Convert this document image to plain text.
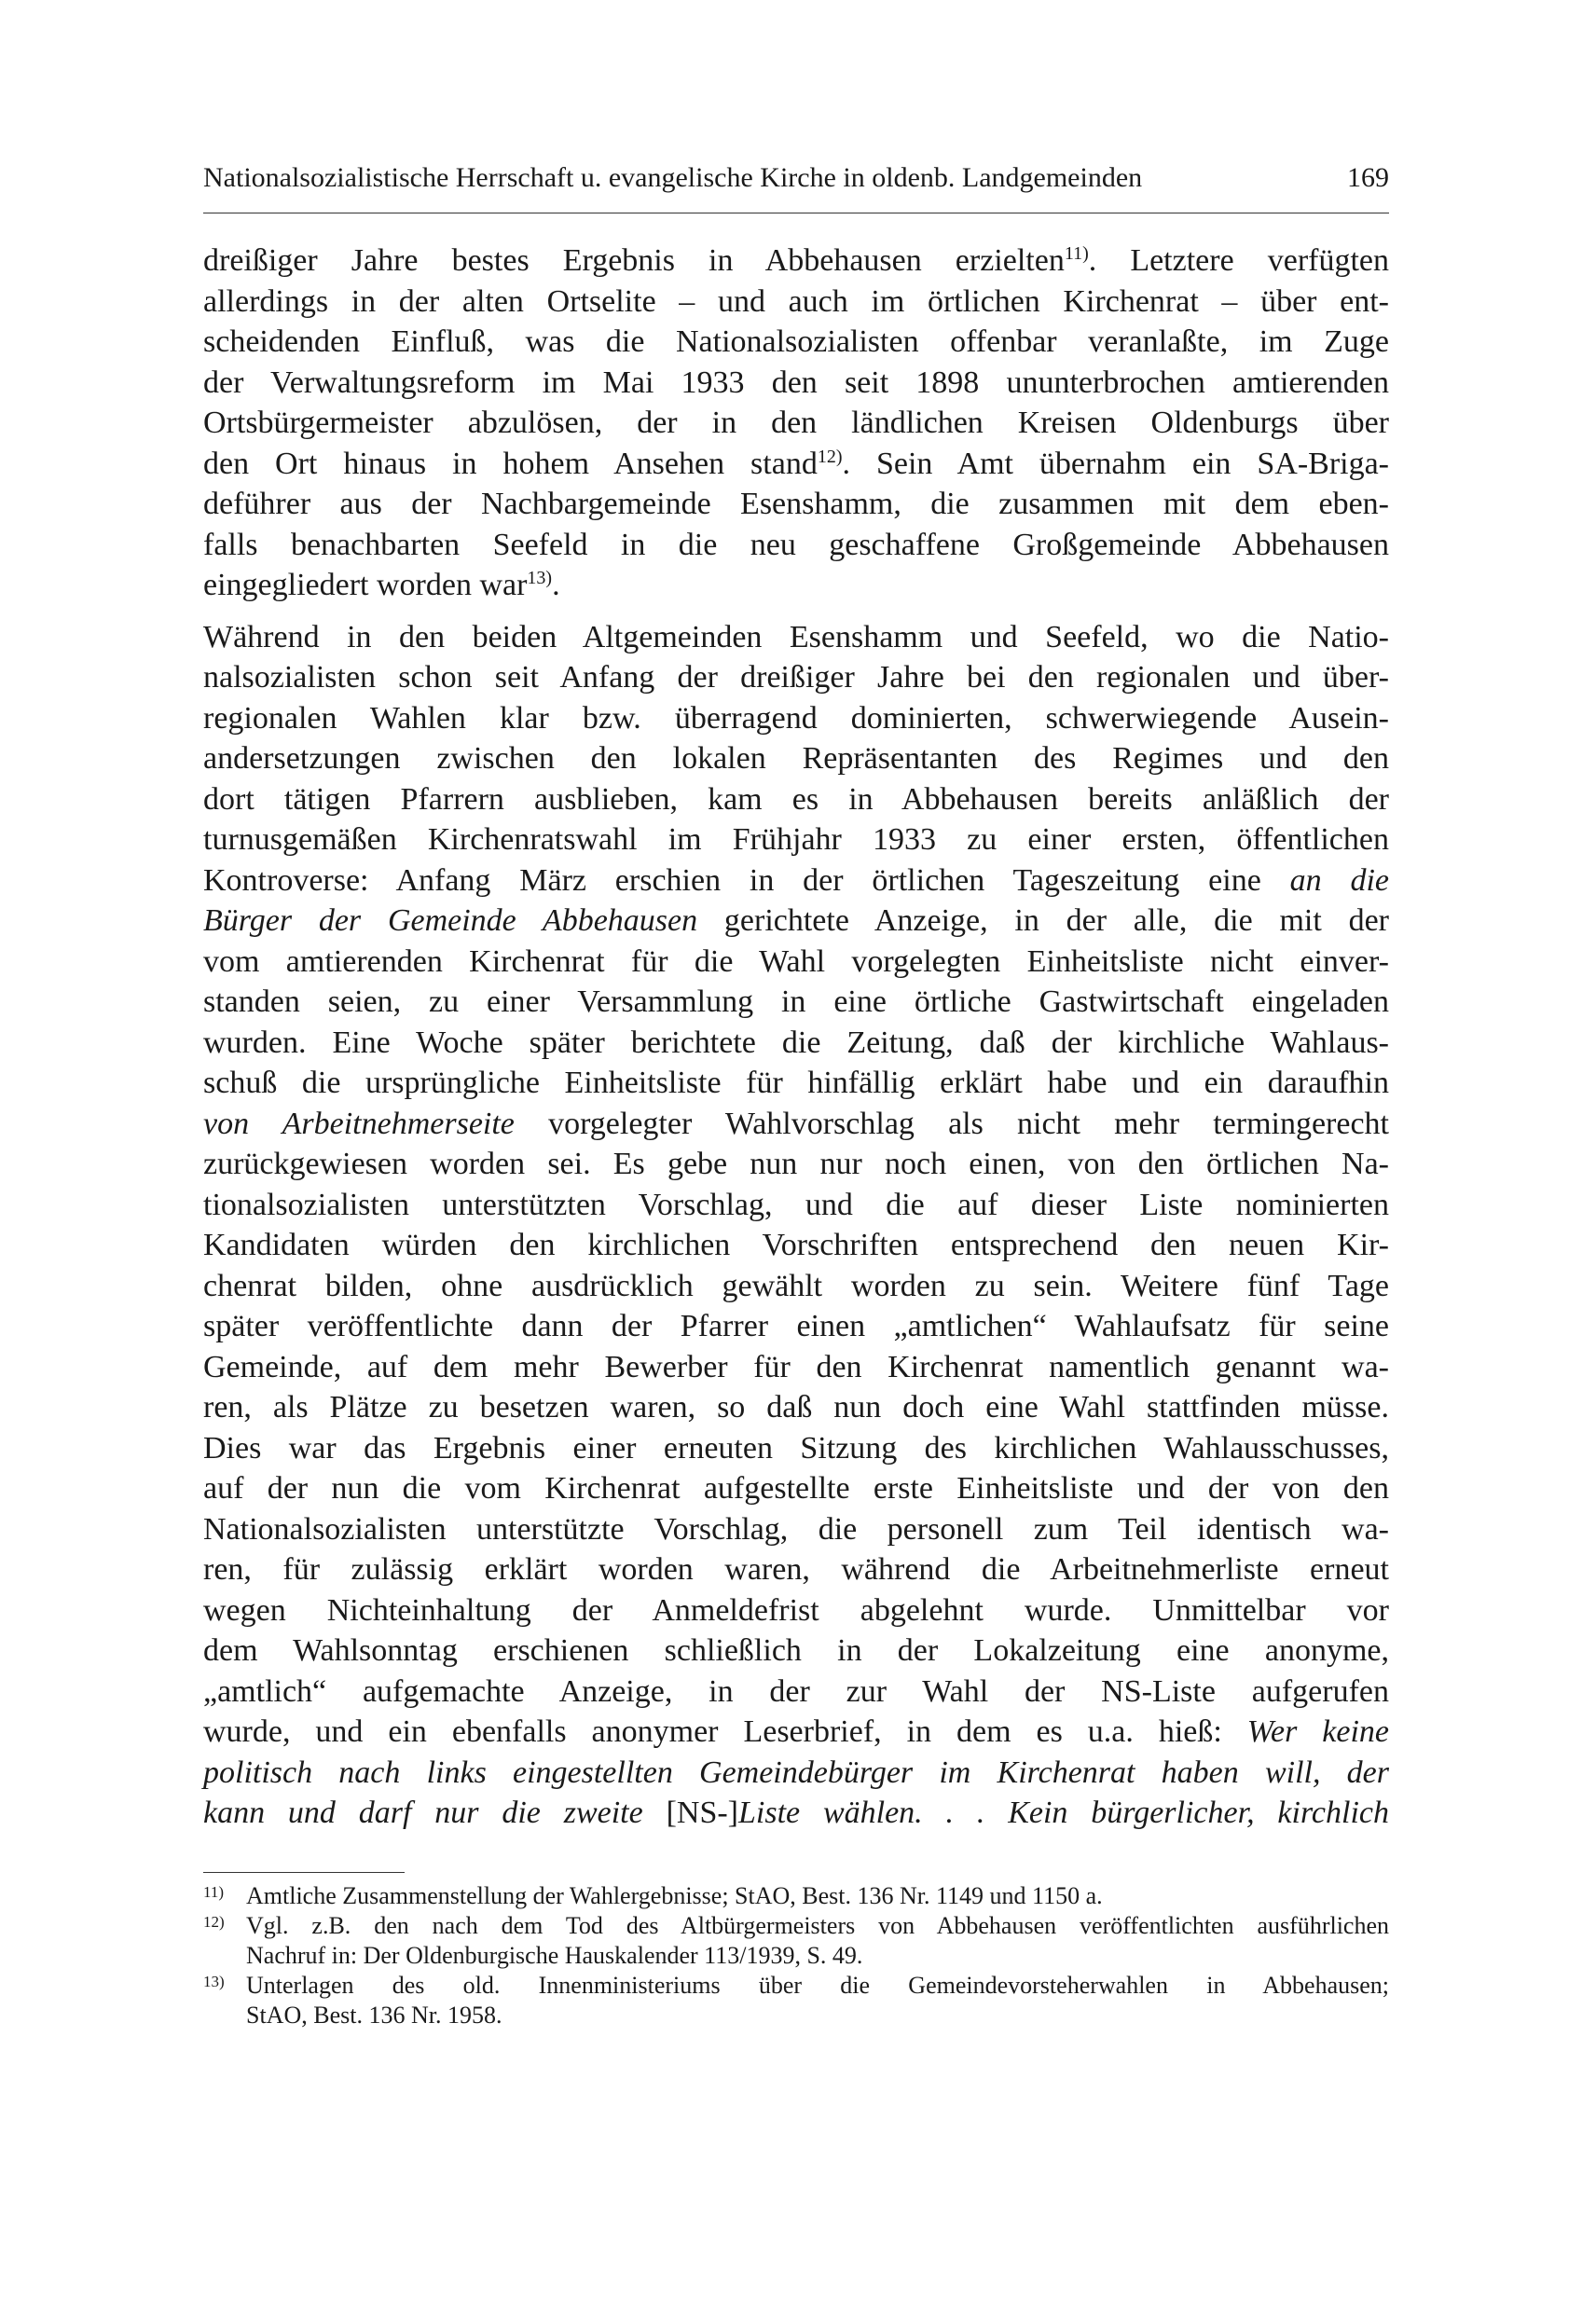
Nationalsozialistische Herrschaft u. evangelische Kirche in oldenb. Landgemeinden	169
dreißiger Jahre bestes Ergebnis in Abbehausen erzielten$^{11)}$. Letztere verfügten
allerdings in der alten Ortselite – und auch im örtlichen Kirchenrat – über ent-
scheidenden Einfluß, was die Nationalsozialisten offenbar veranlaßte, im Zuge
der Verwaltungsreform im Mai 1933 den seit 1898 ununterbrochen amtierenden
Ortsbürgermeister abzulösen, der in den ländlichen Kreisen Oldenburgs über
den Ort hinaus in hohem Ansehen stand$^{12)}$. Sein Amt übernahm ein SA-Briga-
deführer aus der Nachbargemeinde Esenshamm, die zusammen mit dem eben-
falls benachbarten Seefeld in die neu geschaffene Großgemeinde Abbehausen
eingegliedert worden war$^{13)}$.
Während in den beiden Altgemeinden Esenshamm und Seefeld, wo die Natio-
nalsozialisten schon seit Anfang der dreißiger Jahre bei den regionalen und über-
regionalen Wahlen klar bzw. überragend dominierten, schwerwiegende Ausein-
andersetzungen zwischen den lokalen Repräsentanten des Regimes und den
dort tätigen Pfarrern ausblieben, kam es in Abbehausen bereits anläßlich der
turnusgemäßen Kirchenratswahl im Frühjahr 1933 zu einer ersten, öffentlichen
Kontroverse: Anfang März erschien in der örtlichen Tageszeitung eine an die
Bürger der Gemeinde Abbehausen gerichtete Anzeige, in der alle, die mit der
vom amtierenden Kirchenrat für die Wahl vorgelegten Einheitsliste nicht einver-
standen seien, zu einer Versammlung in eine örtliche Gastwirtschaft eingeladen
wurden. Eine Woche später berichtete die Zeitung, daß der kirchliche Wahlaus-
schuß die ursprüngliche Einheitsliste für hinfällig erklärt habe und ein daraufhin
von Arbeitnehmerseite vorgelegter Wahlvorschlag als nicht mehr termingerecht
zurückgewiesen worden sei. Es gebe nun nur noch einen, von den örtlichen Na-
tionalsozialisten unterstützten Vorschlag, und die auf dieser Liste nominierten
Kandidaten würden den kirchlichen Vorschriften entsprechend den neuen Kir-
chenrat bilden, ohne ausdrücklich gewählt worden zu sein. Weitere fünf Tage
später veröffentlichte dann der Pfarrer einen „amtlichen“ Wahlaufsatz für seine
Gemeinde, auf dem mehr Bewerber für den Kirchenrat namentlich genannt wa-
ren, als Plätze zu besetzen waren, so daß nun doch eine Wahl stattfinden müsse.
Dies war das Ergebnis einer erneuten Sitzung des kirchlichen Wahlausschusses,
auf der nun die vom Kirchenrat aufgestellte erste Einheitsliste und der von den
Nationalsozialisten unterstützte Vorschlag, die personell zum Teil identisch wa-
ren, für zulässig erklärt worden waren, während die Arbeitnehmerliste erneut
wegen Nichteinhaltung der Anmeldefrist abgelehnt wurde. Unmittelbar vor
dem Wahlsonntag erschienen schließlich in der Lokalzeitung eine anonyme,
„amtlich“ aufgemachte Anzeige, in der zur Wahl der NS-Liste aufgerufen
wurde, und ein ebenfalls anonymer Leserbrief, in dem es u.a. hieß: Wer keine
politisch nach links eingestellten Gemeindebürger im Kirchenrat haben will, der
kann und darf nur die zweite [NS-]Liste wählen. . . Kein bürgerlicher, kirchlich
11) Amtliche Zusammenstellung der Wahlergebnisse; StAO, Best. 136 Nr. 1149 und 1150 a.
12) Vgl. z.B. den nach dem Tod des Altbürgermeisters von Abbehausen veröffentlichten ausführlichen
Nachruf in: Der Oldenburgische Hauskalender 113/1939, S. 49.
13) Unterlagen des old. Innenministeriums über die Gemeindevorsteherwahlen in Abbehausen;
StAO, Best. 136 Nr. 1958.
